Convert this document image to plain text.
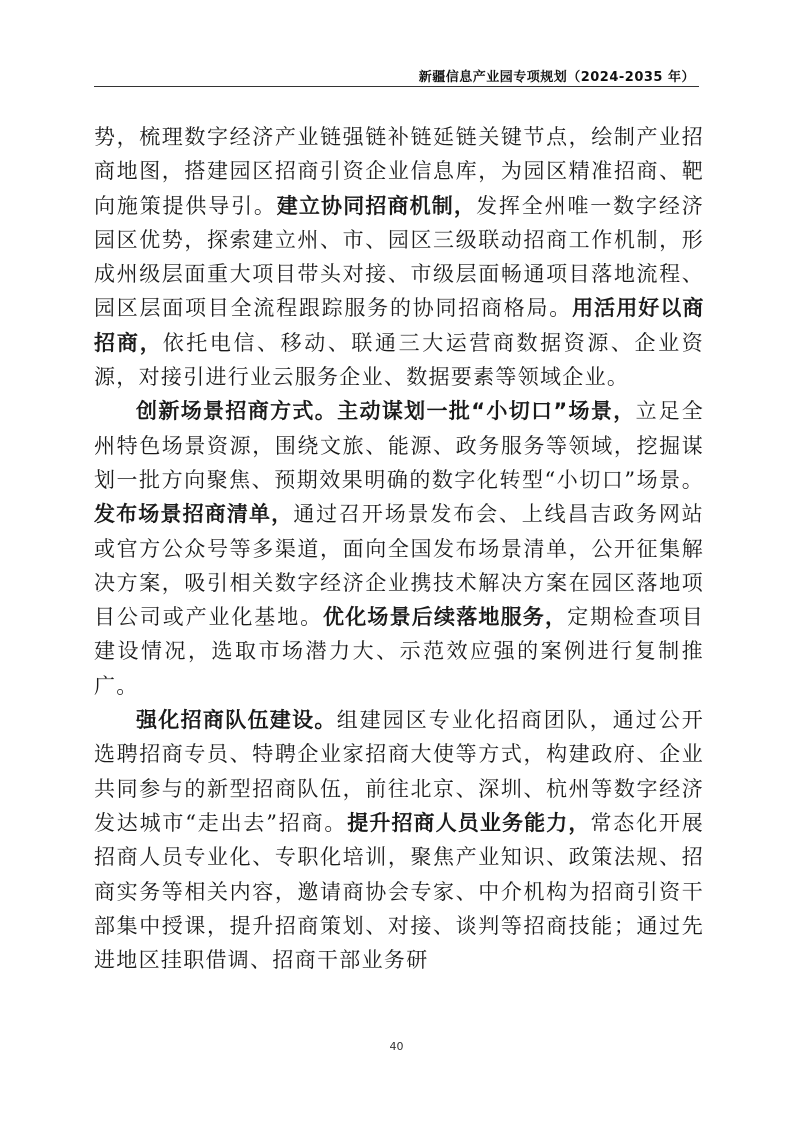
新疆信息产业园专项规划（2024-2035 年）

势，梳理数字经济产业链强链补链延链关键节点，绘制产业招商地图，搭建园区招商引资企业信息库，为园区精准招商、靶向施策提供导引。建立协同招商机制，发挥全州唯一数字经济园区优势，探索建立州、市、园区三级联动招商工作机制，形成州级层面重大项目带头对接、市级层面畅通项目落地流程、园区层面项目全流程跟踪服务的协同招商格局。用活用好以商招商，依托电信、移动、联通三大运营商数据资源、企业资源，对接引进行业云服务企业、数据要素等领域企业。

创新场景招商方式。主动谋划一批“小切口”场景，立足全州特色场景资源，围绕文旅、能源、政务服务等领域，挖掘谋划一批方向聚焦、预期效果明确的数字化转型“小切口”场景。发布场景招商清单，通过召开场景发布会、上线昌吉政务网站或官方公众号等多渠道，面向全国发布场景清单，公开征集解决方案，吸引相关数字经济企业携技术解决方案在园区落地项目公司或产业化基地。优化场景后续落地服务，定期检查项目建设情况，选取市场潜力大、示范效应强的案例进行复制推广。

强化招商队伍建设。组建园区专业化招商团队，通过公开选聘招商专员、特聘企业家招商大使等方式，构建政府、企业共同参与的新型招商队伍，前往北京、深圳、杭州等数字经济发达城市“走出去”招商。提升招商人员业务能力，常态化开展招商人员专业化、专职化培训，聚焦产业知识、政策法规、招商实务等相关内容，邀请商协会专家、中介机构为招商引资干部集中授课，提升招商策划、对接、谈判等招商技能；通过先进地区挂职借调、招商干部业务研

40
